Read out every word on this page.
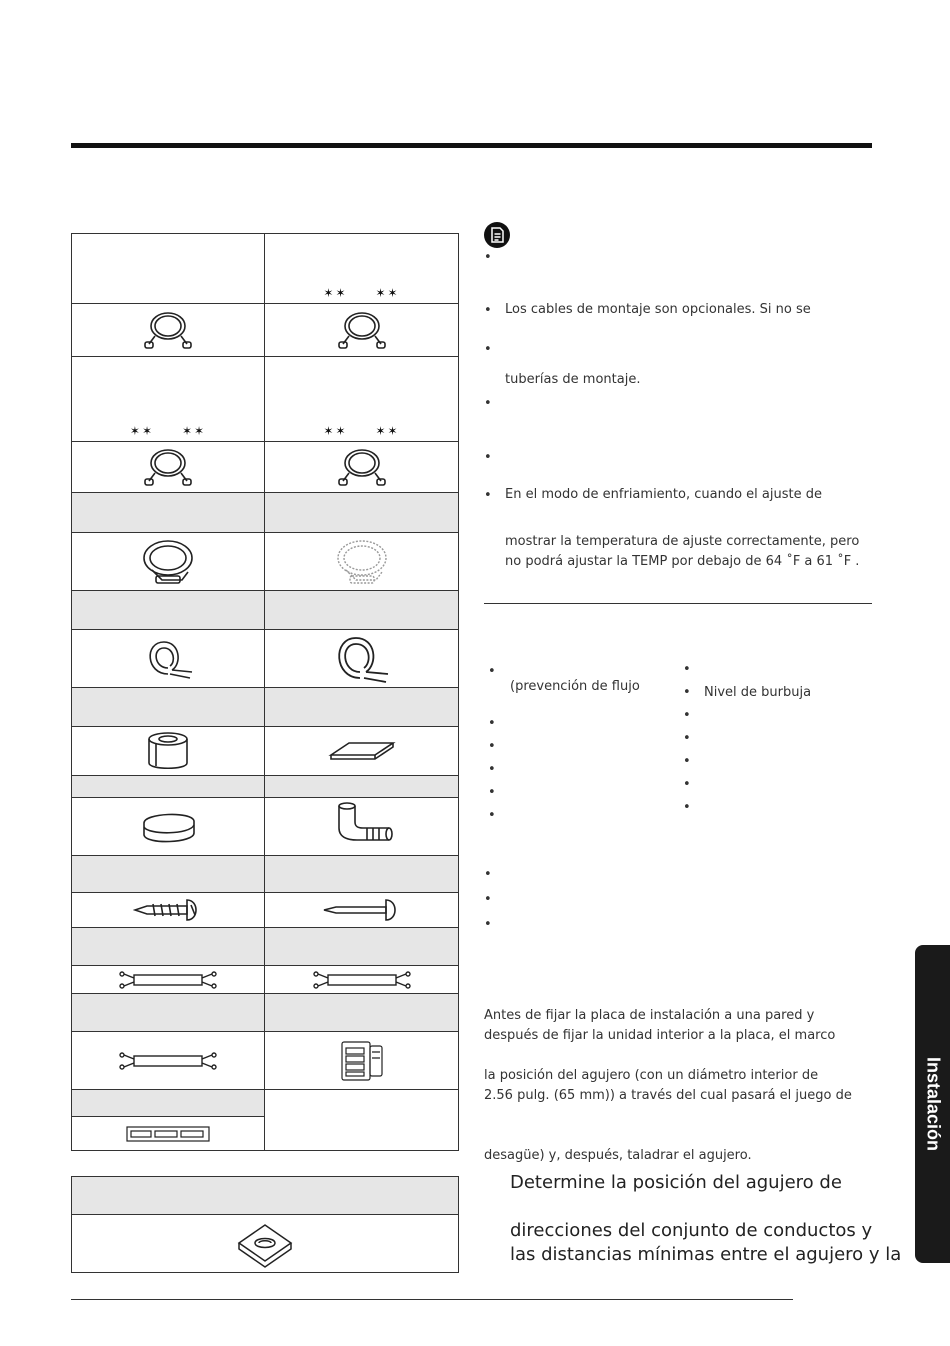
✶✶ ✶✶
✶✶ ✶✶	✶✶ ✶✶
•
• Los cables de montaje son opcionales. Si no se
•
tuberías de montaje.
•
•
• En el modo de enfriamiento, cuando el ajuste de
mostrar la temperatura de ajuste correctamente, pero
no podrá ajustar la TEMP por debajo de 64 ˚F a 61 ˚F .
•
(prevención de flujo
•
•
•
•
•
•
• Nivel de burbuja
•
•
•
•
•
•
•
•
Antes de fijar la placa de instalación a una pared y
después de fijar la unidad interior a la placa, el marco
la posición del agujero (con un diámetro interior de
2.56 pulg. (65 mm)) a través del cual pasará el juego de
desagüe) y, después, taladrar el agujero.
Determine la posición del agujero de
direcciones del conjunto de conductos y
las distancias mínimas entre el agujero y la
Instalación
